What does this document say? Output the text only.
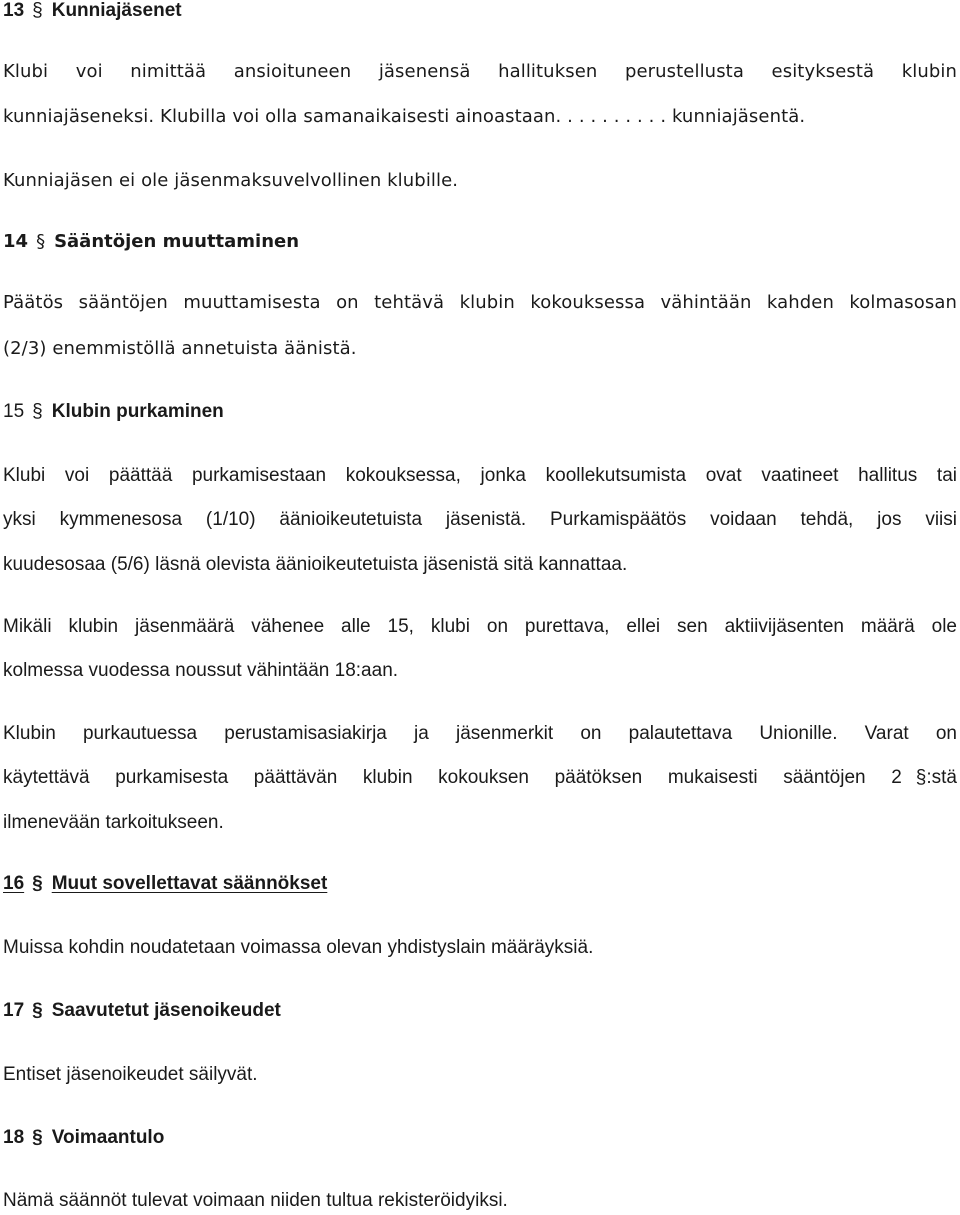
13 § Kunniajäsenet
Klubi voi nimittää ansioituneen jäsenensä hallituksen perustellusta esityksestä klubin
kunniajäseneksi. Klubilla voi olla samanaikaisesti ainoastaan. . . . . . . . . . kunniajäsentä.
Kunniajäsen ei ole jäsenmaksuvelvollinen klubille.
14 § Sääntöjen muuttaminen
Päätös sääntöjen muuttamisesta on tehtävä klubin kokouksessa vähintään kahden kolmasosan
(2/3) enemmistöllä annetuista äänistä.
15 § Klubin purkaminen
Klubi voi päättää purkamisestaan kokouksessa, jonka koollekutsumista ovat vaatineet hallitus tai
yksi kymmenesosa (1/10) äänioikeutetuista jäsenistä. Purkamispäätös voidaan tehdä, jos viisi
kuudesosaa (5/6) läsnä olevista äänioikeutetuista jäsenistä sitä kannattaa.
Mikäli klubin jäsenmäärä vähenee alle 15, klubi on purettava, ellei sen aktiivijäsenten määrä ole
kolmessa vuodessa noussut vähintään 18:aan.
Klubin purkautuessa perustamisasiakirja ja jäsenmerkit on palautettava Unionille. Varat on
käytettävä purkamisesta päättävän klubin kokouksen päätöksen mukaisesti sääntöjen 2 § :stä
ilmenevään tarkoitukseen.
16 § Muut sovellettavat säännökset
Muissa kohdin noudatetaan voimassa olevan yhdistyslain määräyksiä.
17 § Saavutetut jäsenoikeudet
Entiset jäsenoikeudet säilyvät.
18 § Voimaantulo
Nämä säännöt tulevat voimaan niiden tultua rekisteröidyiksi.
